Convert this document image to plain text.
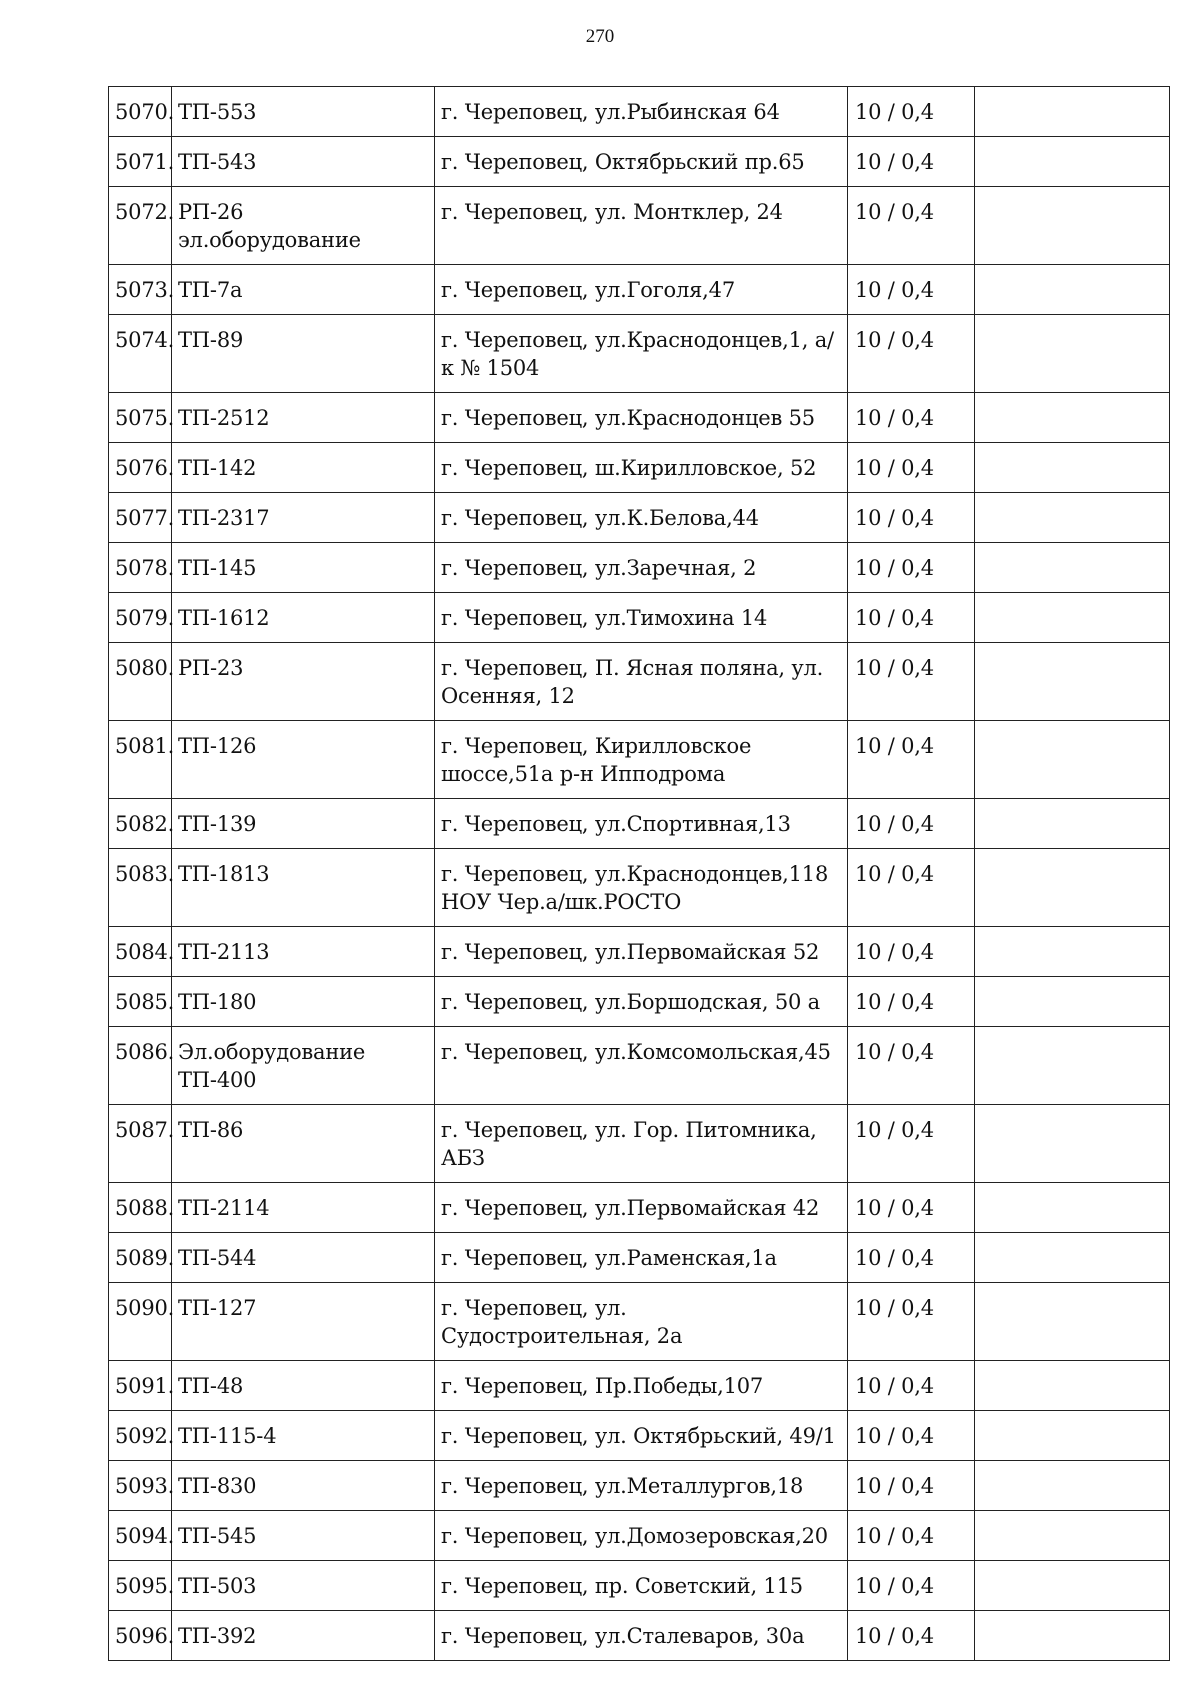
270
5070.	ТП-553	г. Череповец, ул.Рыбинская 64	10 / 0,4	
5071.	ТП-543	г. Череповец, Октябрьский пр.65	10 / 0,4	
5072.	РП-26 эл.оборудование	г. Череповец, ул. Монтклер, 24	10 / 0,4	
5073.	ТП-7а	г. Череповец, ул.Гоголя,47	10 / 0,4	
5074.	ТП-89	г. Череповец, ул.Краснодонцев,1, а/к № 1504	10 / 0,4	
5075.	ТП-2512	г. Череповец, ул.Краснодонцев 55	10 / 0,4	
5076.	ТП-142	г. Череповец, ш.Кирилловское, 52	10 / 0,4	
5077.	ТП-2317	г. Череповец, ул.К.Белова,44	10 / 0,4	
5078.	ТП-145	г. Череповец, ул.Заречная, 2	10 / 0,4	
5079.	ТП-1612	г. Череповец, ул.Тимохина 14	10 / 0,4	
5080.	РП-23	г. Череповец, П. Ясная поляна, ул. Осенняя, 12	10 / 0,4	
5081.	ТП-126	г. Череповец, Кирилловское шоссе,51а р-н Ипподрома	10 / 0,4	
5082.	ТП-139	г. Череповец, ул.Спортивная,13	10 / 0,4	
5083.	ТП-1813	г. Череповец, ул.Краснодонцев,118 НОУ Чер.а/шк.РОСТО	10 / 0,4	
5084.	ТП-2113	г. Череповец, ул.Первомайская 52	10 / 0,4	
5085.	ТП-180	г. Череповец, ул.Боршодская, 50 а	10 / 0,4	
5086.	Эл.оборудование ТП-400	г. Череповец, ул.Комсомольская,45	10 / 0,4	
5087.	ТП-86	г. Череповец, ул. Гор. Питомника, АБЗ	10 / 0,4	
5088.	ТП-2114	г. Череповец, ул.Первомайская 42	10 / 0,4	
5089.	ТП-544	г. Череповец, ул.Раменская,1а	10 / 0,4	
5090.	ТП-127	г. Череповец, ул. Судостроительная, 2а	10 / 0,4	
5091.	ТП-48	г. Череповец, Пр.Победы,107	10 / 0,4	
5092.	ТП-115-4	г. Череповец, ул. Октябрьский, 49/1	10 / 0,4	
5093.	ТП-830	г. Череповец, ул.Металлургов,18	10 / 0,4	
5094.	ТП-545	г. Череповец, ул.Домозеровская,20	10 / 0,4	
5095.	ТП-503	г. Череповец, пр. Советский, 115	10 / 0,4	
5096.	ТП-392	г. Череповец, ул.Сталеваров, 30а	10 / 0,4	
